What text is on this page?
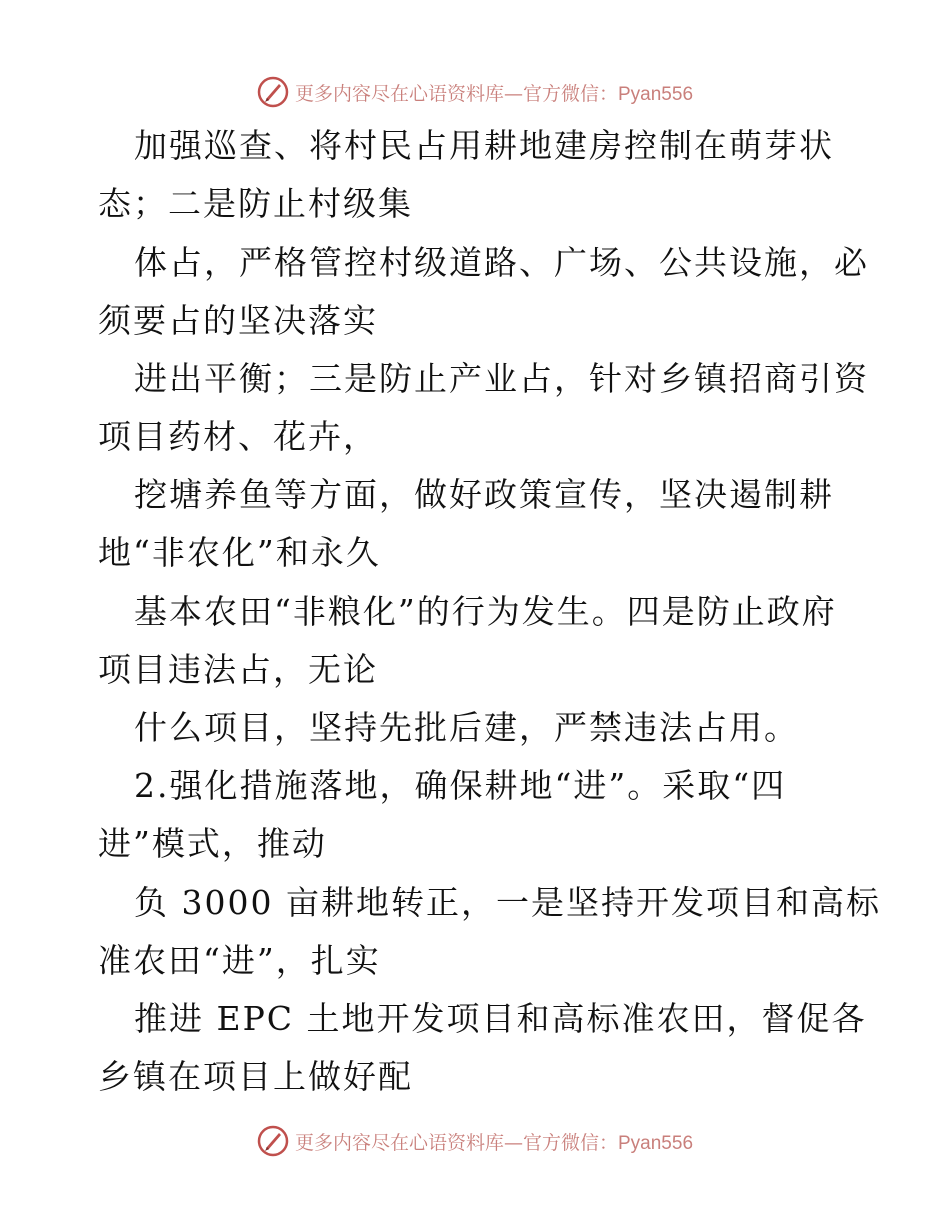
更多内容尽在心语资料库—官方微信：Pyan556
加强巡查、将村民占用耕地建房控制在萌芽状
态；二是防止村级集
体占，严格管控村级道路、广场、公共设施，必
须要占的坚决落实
进出平衡；三是防止产业占，针对乡镇招商引资
项目药材、花卉，
挖塘养鱼等方面，做好政策宣传，坚决遏制耕
地“非农化”和永久
基本农田“非粮化”的行为发生。四是防止政府
项目违法占，无论
什么项目，坚持先批后建，严禁违法占用。
2.强化措施落地，确保耕地“进”。采取“四
进”模式，推动
负 3000 亩耕地转正，一是坚持开发项目和高标
准农田“进”，扎实
推进 EPC 土地开发项目和高标准农田，督促各
乡镇在项目上做好配
更多内容尽在心语资料库—官方微信：Pyan556
